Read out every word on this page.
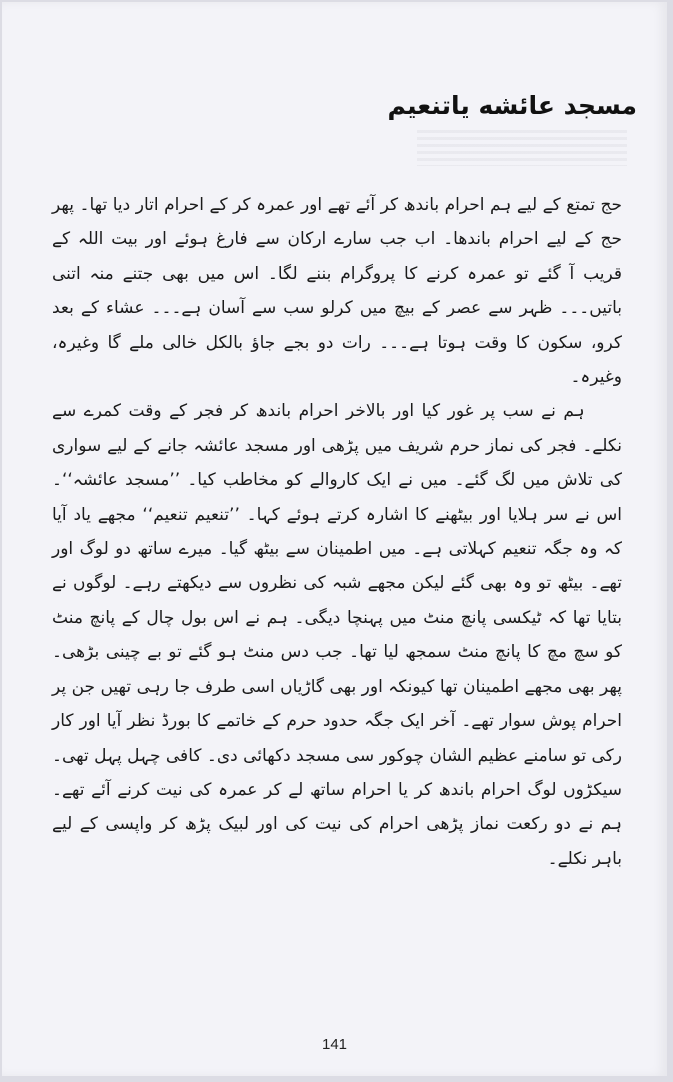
مسجد عائشه یاتنعیم

حج تمتع کے لیے ہم احرام باندھ کر آئے تھے اور عمرہ کر کے احرام اتار دیا تھا۔ پھر حج کے لیے احرام باندھا۔ اب جب سارے ارکان سے فارغ ہوئے اور بیت اللہ کے قریب آ گئے تو عمرہ کرنے کا پروگرام بننے لگا۔ اس میں بھی جتنے منہ اتنی باتیں۔۔۔ ظہر سے عصر کے بیچ میں کرلو سب سے آسان ہے۔۔۔ عشاء کے بعد کرو، سکون کا وقت ہوتا ہے۔۔۔ رات دو بجے جاؤ بالکل خالی ملے گا وغیرہ، وغیرہ۔

ہم نے سب پر غور کیا اور بالاخر احرام باندھ کر فجر کے وقت کمرے سے نکلے۔ فجر کی نماز حرم شریف میں پڑھی اور مسجد عائشہ جانے کے لیے سواری کی تلاش میں لگ گئے۔ میں نے ایک کاروالے کو مخاطب کیا۔ ’’مسجد عائشہ‘‘۔ اس نے سر ہلایا اور بیٹھنے کا اشارہ کرتے ہوئے کہا۔ ’’تنعیم تنعیم‘‘ مجھے یاد آیا کہ وہ جگہ تنعیم کہلاتی ہے۔ میں اطمینان سے بیٹھ گیا۔ میرے ساتھ دو لوگ اور تھے۔ بیٹھ تو وہ بھی گئے لیکن مجھے شبہ کی نظروں سے دیکھتے رہے۔ لوگوں نے بتایا تھا کہ ٹیکسی پانچ منٹ میں پہنچا دیگی۔ ہم نے اس بول چال کے پانچ منٹ کو سچ مچ کا پانچ منٹ سمجھ لیا تھا۔ جب دس منٹ ہو گئے تو بے چینی بڑھی۔ پھر بھی مجھے اطمینان تھا کیونکہ اور بھی گاڑیاں اسی طرف جا رہی تھیں جن پر احرام پوش سوار تھے۔ آخر ایک جگہ حدود حرم کے خاتمے کا بورڈ نظر آیا اور کار رکی تو سامنے عظیم الشان چوکور سی مسجد دکھائی دی۔ کافی چہل پہل تھی۔ سیکڑوں لوگ احرام باندھ کر یا احرام ساتھ لے کر عمرہ کی نیت کرنے آئے تھے۔ ہم نے دو رکعت نماز پڑھی احرام کی نیت کی اور لبیک پڑھ کر واپسی کے لیے باہر نکلے۔

141
